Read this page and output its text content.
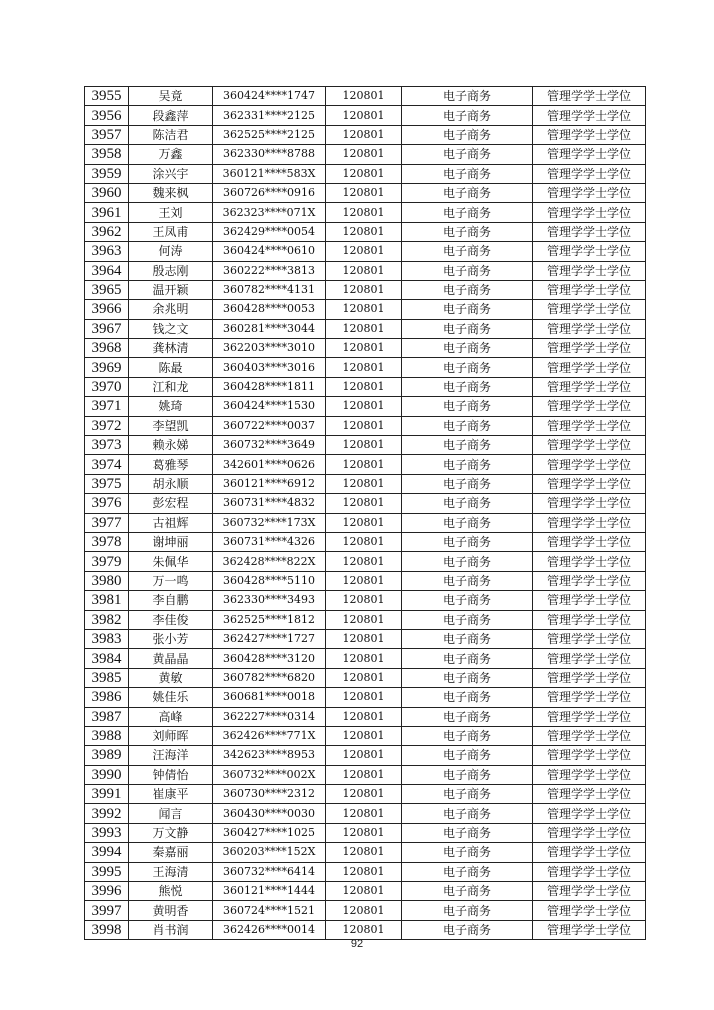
3955	吴竟	360424****1747	120801	电子商务	管理学学士学位
3956	段鑫萍	362331****2125	120801	电子商务	管理学学士学位
3957	陈洁君	362525****2125	120801	电子商务	管理学学士学位
3958	万鑫	362330****8788	120801	电子商务	管理学学士学位
3959	涂兴宇	360121****583X	120801	电子商务	管理学学士学位
3960	魏来枫	360726****0916	120801	电子商务	管理学学士学位
3961	王刘	362323****071X	120801	电子商务	管理学学士学位
3962	王凤甫	362429****0054	120801	电子商务	管理学学士学位
3963	何涛	360424****0610	120801	电子商务	管理学学士学位
3964	殷志刚	360222****3813	120801	电子商务	管理学学士学位
3965	温开颖	360782****4131	120801	电子商务	管理学学士学位
3966	余兆明	360428****0053	120801	电子商务	管理学学士学位
3967	钱之文	360281****3044	120801	电子商务	管理学学士学位
3968	龚林清	362203****3010	120801	电子商务	管理学学士学位
3969	陈最	360403****3016	120801	电子商务	管理学学士学位
3970	江和龙	360428****1811	120801	电子商务	管理学学士学位
3971	姚琦	360424****1530	120801	电子商务	管理学学士学位
3972	李望凯	360722****0037	120801	电子商务	管理学学士学位
3973	赖永娣	360732****3649	120801	电子商务	管理学学士学位
3974	葛雅琴	342601****0626	120801	电子商务	管理学学士学位
3975	胡永顺	360121****6912	120801	电子商务	管理学学士学位
3976	彭宏程	360731****4832	120801	电子商务	管理学学士学位
3977	古祖辉	360732****173X	120801	电子商务	管理学学士学位
3978	谢坤丽	360731****4326	120801	电子商务	管理学学士学位
3979	朱佩华	362428****822X	120801	电子商务	管理学学士学位
3980	万一鸣	360428****5110	120801	电子商务	管理学学士学位
3981	李自鹏	362330****3493	120801	电子商务	管理学学士学位
3982	李佳俊	362525****1812	120801	电子商务	管理学学士学位
3983	张小芳	362427****1727	120801	电子商务	管理学学士学位
3984	黄晶晶	360428****3120	120801	电子商务	管理学学士学位
3985	黄敏	360782****6820	120801	电子商务	管理学学士学位
3986	姚佳乐	360681****0018	120801	电子商务	管理学学士学位
3987	高峰	362227****0314	120801	电子商务	管理学学士学位
3988	刘师晖	362426****771X	120801	电子商务	管理学学士学位
3989	汪海洋	342623****8953	120801	电子商务	管理学学士学位
3990	钟倩怡	360732****002X	120801	电子商务	管理学学士学位
3991	崔康平	360730****2312	120801	电子商务	管理学学士学位
3992	闻言	360430****0030	120801	电子商务	管理学学士学位
3993	万文静	360427****1025	120801	电子商务	管理学学士学位
3994	秦嘉丽	360203****152X	120801	电子商务	管理学学士学位
3995	王海清	360732****6414	120801	电子商务	管理学学士学位
3996	熊悦	360121****1444	120801	电子商务	管理学学士学位
3997	黄明香	360724****1521	120801	电子商务	管理学学士学位
3998	肖书润	362426****0014	120801	电子商务	管理学学士学位
92
